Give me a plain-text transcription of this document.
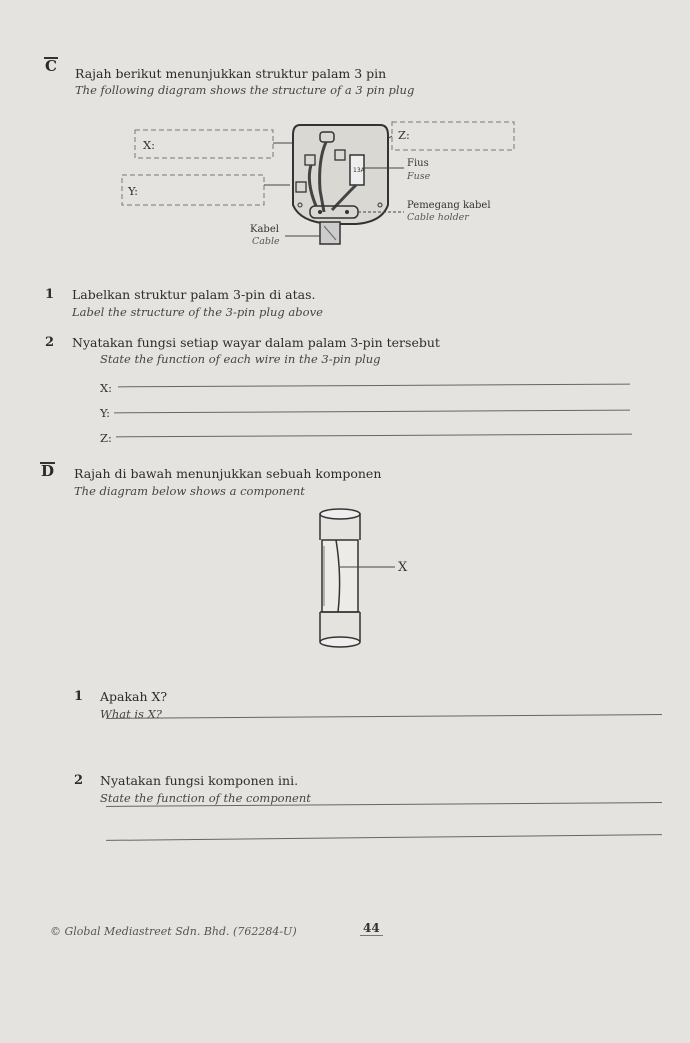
C Rajah berikut menunjukkan struktur palam 3 pin
The following diagram shows the structure of a 3 pin plug
13A
X:
Y:
Z:
Fius
Fuse
Pemegang kabel
Cable holder
Kabel
Cable
1 Labelkan struktur palam 3-pin di atas.
Label the structure of the 3-pin plug above
2 Nyatakan fungsi setiap wayar dalam palam 3-pin tersebut
State the function of each wire in the 3-pin plug
X:
Y:
Z:
D Rajah di bawah menunjukkan sebuah komponen
The diagram below shows a component
X
1 Apakah X?
What is X?
2 Nyatakan fungsi komponen ini.
State the function of the component
© Global Mediastreet Sdn. Bhd. (762284-U)	44
